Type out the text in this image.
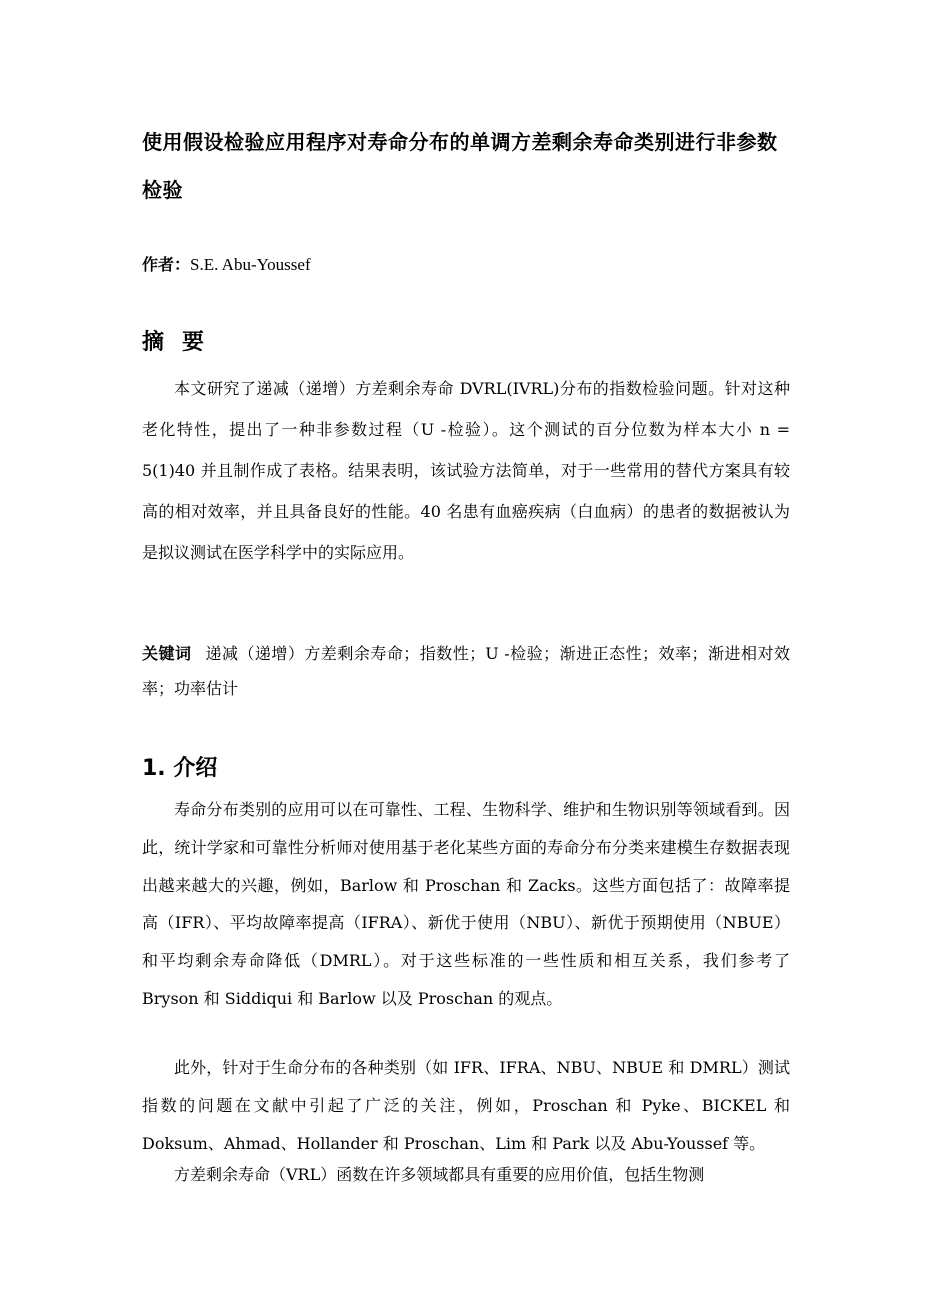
使用假设检验应用程序对寿命分布的单调方差剩余寿命类别进行非参数检验
作者：S.E. Abu-Youssef
摘要

本文研究了递减（递增）方差剩余寿命 DVRL(IVRL)分布的指数检验问题。针对这种老化特性，提出了一种非参数过程（U -检验）。这个测试的百分位数为样本大小 n = 5(1)40 并且制作成了表格。结果表明，该试验方法简单，对于一些常用的替代方案具有较高的相对效率，并且具备良好的性能。40 名患有血癌疾病（白血病）的患者的数据被认为是拟议测试在医学科学中的实际应用。

关键词 递减（递增）方差剩余寿命；指数性；U -检验；渐进正态性；效率；渐进相对效率；功率估计

1. 介绍

寿命分布类别的应用可以在可靠性、工程、生物科学、维护和生物识别等领域看到。因此，统计学家和可靠性分析师对使用基于老化某些方面的寿命分布分类来建模生存数据表现出越来越大的兴趣，例如，Barlow 和 Proschan 和 Zacks。这些方面包括了：故障率提高（IFR）、平均故障率提高（IFRA）、新优于使用（NBU）、新优于预期使用（NBUE）和平均剩余寿命降低（DMRL）。对于这些标准的一些性质和相互关系，我们参考了 Bryson 和 Siddiqui 和 Barlow 以及 Proschan 的观点。

此外，针对于生命分布的各种类别（如 IFR、IFRA、NBU、NBUE 和 DMRL）测试指数的问题在文献中引起了广泛的关注，例如，Proschan 和 Pyke、BICKEL 和 Doksum、Ahmad、Hollander 和 Proschan、Lim 和 Park 以及 Abu-Youssef 等。

方差剩余寿命（VRL）函数在许多领域都具有重要的应用价值，包括生物测
